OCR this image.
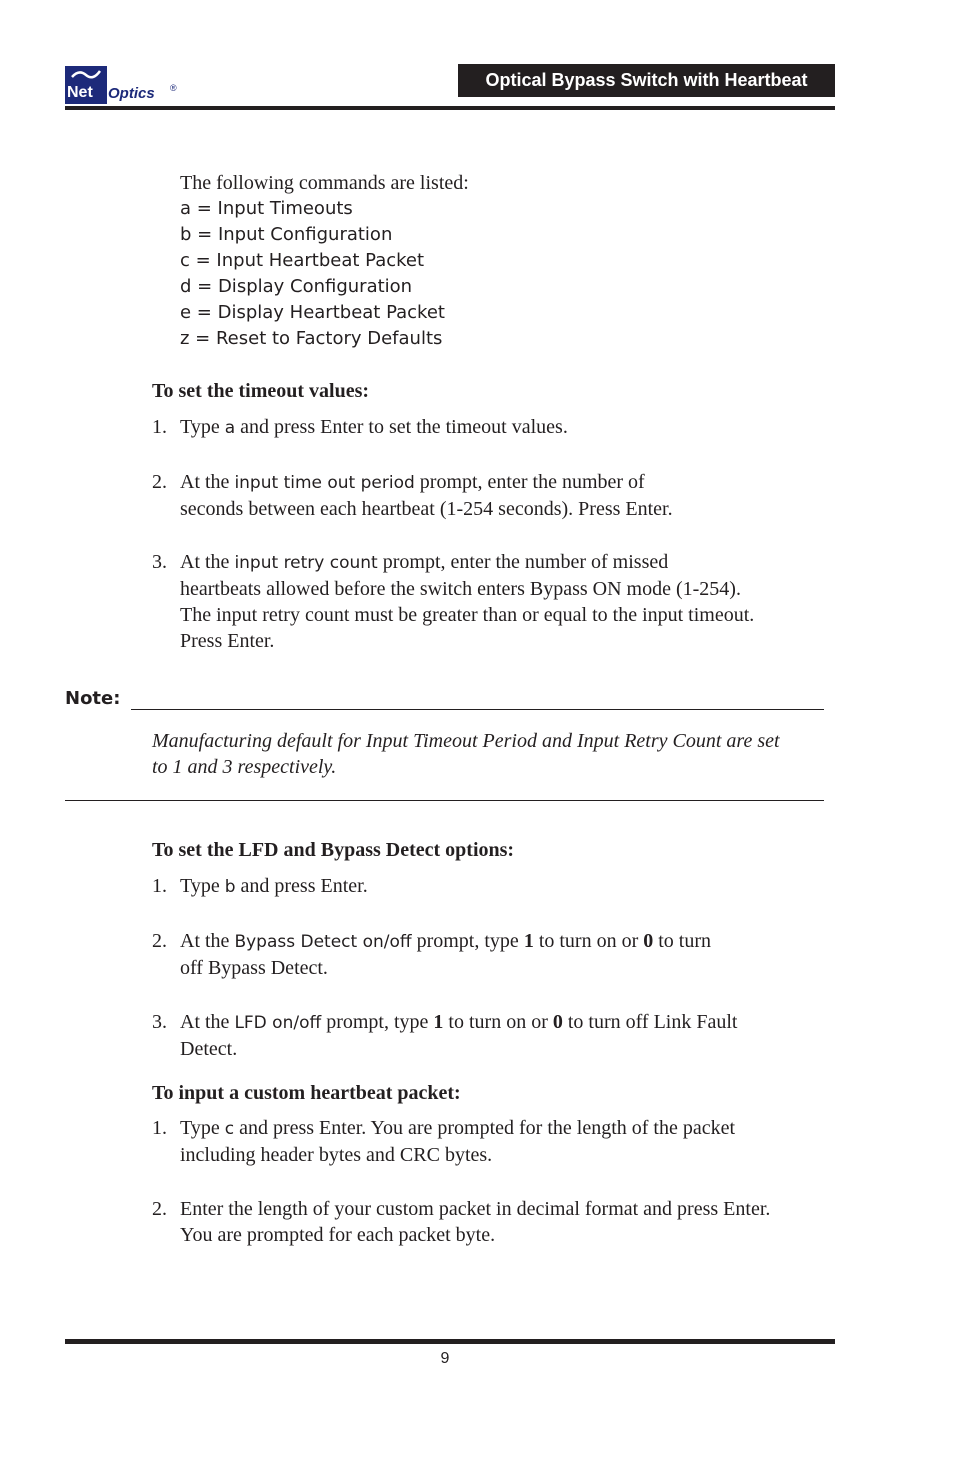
Net Optics ®	Optical Bypass Switch with Heartbeat
The following commands are listed:
a = Input Timeouts
b = Input Configuration
c = Input Heartbeat Packet
d = Display Configuration
e = Display Heartbeat Packet
z = Reset to Factory Defaults
To set the timeout values:
1. Type a and press Enter to set the timeout values.
2. At the input time out period prompt, enter the number of
seconds between each heartbeat (1-254 seconds). Press Enter.
3. At the input retry count prompt, enter the number of missed
heartbeats allowed before the switch enters Bypass ON mode (1-254).
The input retry count must be greater than or equal to the input timeout.
Press Enter.
Note:
Manufacturing default for Input Timeout Period and Input Retry Count are set
to 1 and 3 respectively.
To set the LFD and Bypass Detect options:
1. Type b and press Enter.
2. At the Bypass Detect on/off prompt, type 1 to turn on or 0 to turn
off Bypass Detect.
3. At the LFD on/off prompt, type 1 to turn on or 0 to turn off Link Fault
Detect.
To input a custom heartbeat packet:
1. Type c and press Enter. You are prompted for the length of the packet
including header bytes and CRC bytes.
2. Enter the length of your custom packet in decimal format and press Enter.
You are prompted for each packet byte.
9
